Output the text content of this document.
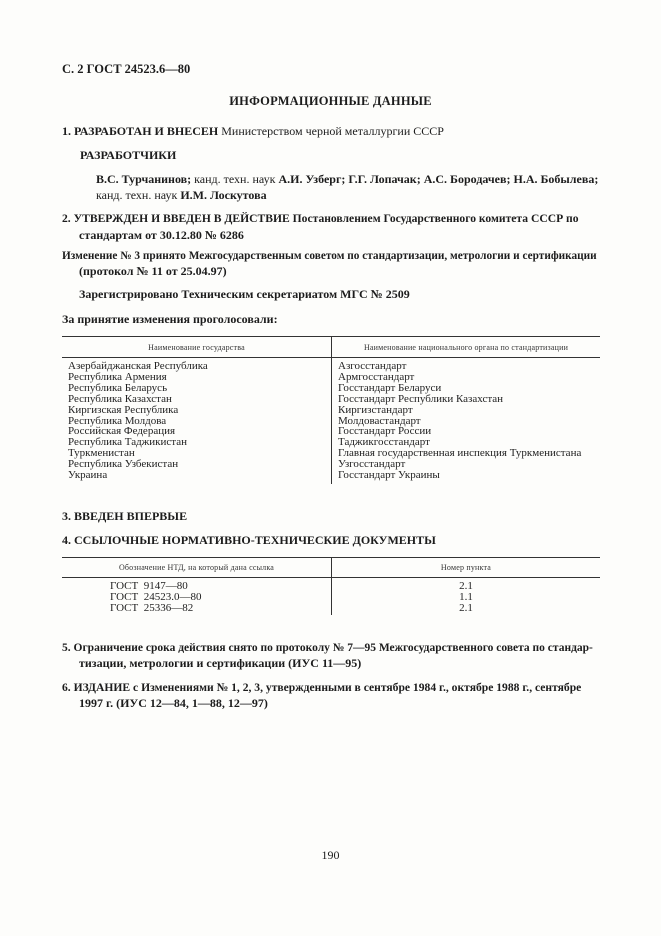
С. 2 ГОСТ 24523.6—80
ИНФОРМАЦИОННЫЕ ДАННЫЕ
1. РАЗРАБОТАН И ВНЕСЕН Министерством черной металлургии СССР
РАЗРАБОТЧИКИ
В.С. Турчанинов; канд. техн. наук А.И. Узберг; Г.Г. Лопачак; А.С. Бородачев; Н.А. Бобылева;
канд. техн. наук И.М. Лоскутова
2. УТВЕРЖДЕН И ВВЕДЕН В ДЕЙСТВИЕ Постановлением Государственного комитета СССР по
стандартам от 30.12.80 № 6286
Изменение № 3 принято Межгосударственным советом по стандартизации, метрологии и сертификации
(протокол № 11 от 25.04.97)
Зарегистрировано Техническим секретариатом МГС № 2509
За принятие изменения проголосовали:
Наименование государства	Наименование национального органа по стандартизации
Азербайджанская Республика	Азгосстандарт
Республика Армения	Армгосстандарт
Республика Беларусь	Госстандарт Беларуси
Республика Казахстан	Госстандарт Республики Казахстан
Киргизская Республика	Киргизстандарт
Республика Молдова	Молдовастандарт
Российская Федерация	Госстандарт России
Республика Таджикистан	Таджикгосстандарт
Туркменистан	Главная государственная инспекция Туркменистана
Республика Узбекистан	Узгосстандарт
Украина	Госстандарт Украины
3. ВВЕДЕН ВПЕРВЫЕ
4. ССЫЛОЧНЫЕ НОРМАТИВНО-ТЕХНИЧЕСКИЕ ДОКУМЕНТЫ
Обозначение НТД, на который дана ссылка	Номер пункта
ГОСТ  9147—80	2.1
ГОСТ  24523.0—80	1.1
ГОСТ  25336—82	2.1
5. Ограничение срока действия снято по протоколу № 7—95 Межгосударственного совета по стандар-
тизации, метрологии и сертификации (ИУС 11—95)
6. ИЗДАНИЕ с Изменениями № 1, 2, 3, утвержденными в сентябре 1984 г., октябре 1988 г., сентябре
1997 г. (ИУС 12—84, 1—88, 12—97)
190
